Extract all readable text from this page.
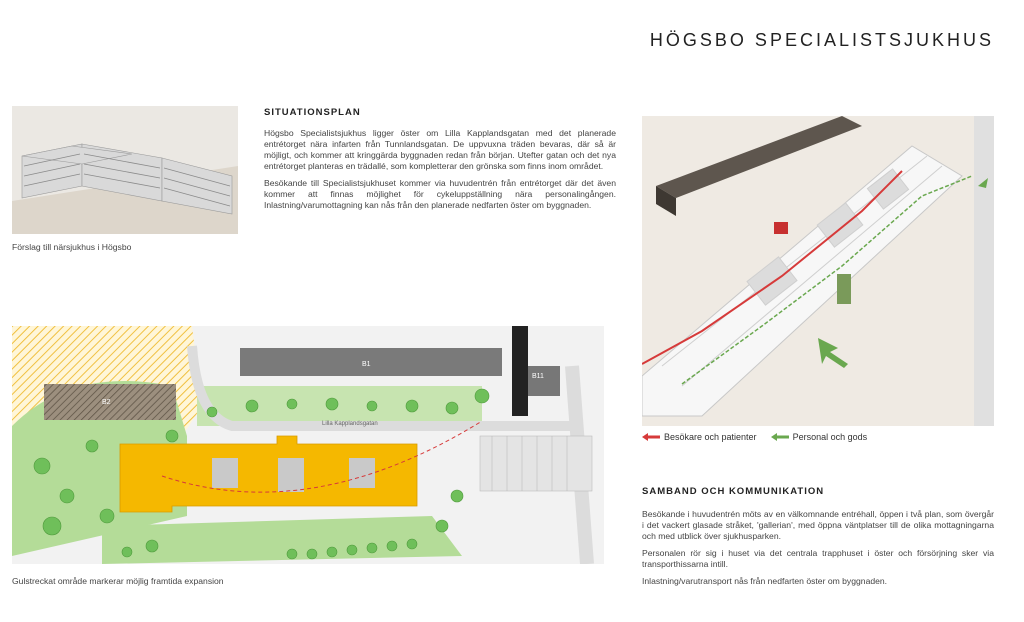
HÖGSBO SPECIALISTSJUKHUS
Förslag till närsjukhus i Högsbo
SITUATIONSPLAN

Högsbo Specialistsjukhus ligger öster om Lilla Kapplandsgatan med det planerade entrétorget nära infarten från Tunnlandsgatan. De uppvuxna träden bevaras, där så är möjligt, och kommer att kringgärda byggnaden redan från början. Utefter gatan och det nya entrétorget planteras en trädallé, som kompletterar den grönska som finns inom området.

Besökande till Specialistsjukhuset kommer via huvudentrén från entrétorget där det även kommer att finnas möjlighet för cykeluppställning nära personalingången. Inlastning/varumottagning kan nås från den planerade nedfarten öster om byggnaden.

B1
B11
B2
Lilla Kapplandsgatan
Gulstreckat område markerar möjlig framtida expansion
Besökare och patienter	Personal och gods
SAMBAND OCH KOMMUNIKATION

Besökande i huvudentrén möts av en välkomnande entréhall, öppen i två plan, som övergår i det vackert glasade stråket, 'gallerian', med öppna väntplatser till de olika mottagningarna och med utblick över sjukhusparken.

Personalen rör sig i huset via det centrala trapphuset i öster och försörjning sker via transporthissarna intill.

Inlastning/varutransport nås från nedfarten öster om byggnaden.
